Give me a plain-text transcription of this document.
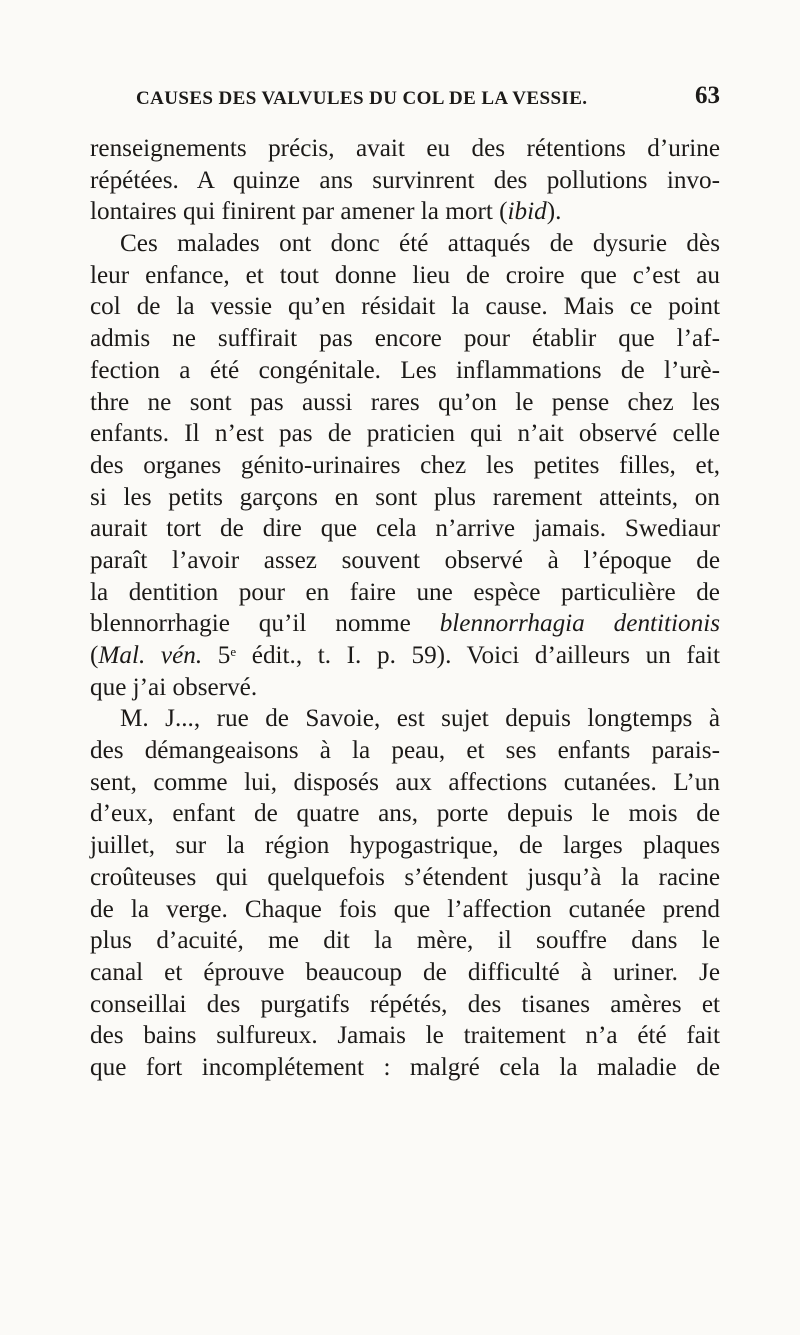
CAUSES DES VALVULES DU COL DE LA VESSIE.	63
renseignements précis, avait eu des rétentions d’urine
répétées. A quinze ans survinrent des pollutions invo-
lontaires qui finirent par amener la mort (ibid).
Ces malades ont donc été attaqués de dysurie dès
leur enfance, et tout donne lieu de croire que c’est au
col de la vessie qu’en résidait la cause. Mais ce point
admis ne suffirait pas encore pour établir que l’af-
fection a été congénitale. Les inflammations de l’urè-
thre ne sont pas aussi rares qu’on le pense chez les
enfants. Il n’est pas de praticien qui n’ait observé celle
des organes génito-urinaires chez les petites filles, et,
si les petits garçons en sont plus rarement atteints, on
aurait tort de dire que cela n’arrive jamais. Swediaur
paraît l’avoir assez souvent observé à l’époque de
la dentition pour en faire une espèce particulière de
blennorrhagie qu’il nomme blennorrhagia dentitionis
(Mal. vén. 5e édit., t. I. p. 59). Voici d’ailleurs un fait
que j’ai observé.
M. J..., rue de Savoie, est sujet depuis longtemps à
des démangeaisons à la peau, et ses enfants parais-
sent, comme lui, disposés aux affections cutanées. L’un
d’eux, enfant de quatre ans, porte depuis le mois de
juillet, sur la région hypogastrique, de larges plaques
croûteuses qui quelquefois s’étendent jusqu’à la racine
de la verge. Chaque fois que l’affection cutanée prend
plus d’acuité, me dit la mère, il souffre dans le
canal et éprouve beaucoup de difficulté à uriner. Je
conseillai des purgatifs répétés, des tisanes amères et
des bains sulfureux. Jamais le traitement n’a été fait
que fort incomplétement : malgré cela la maladie de
